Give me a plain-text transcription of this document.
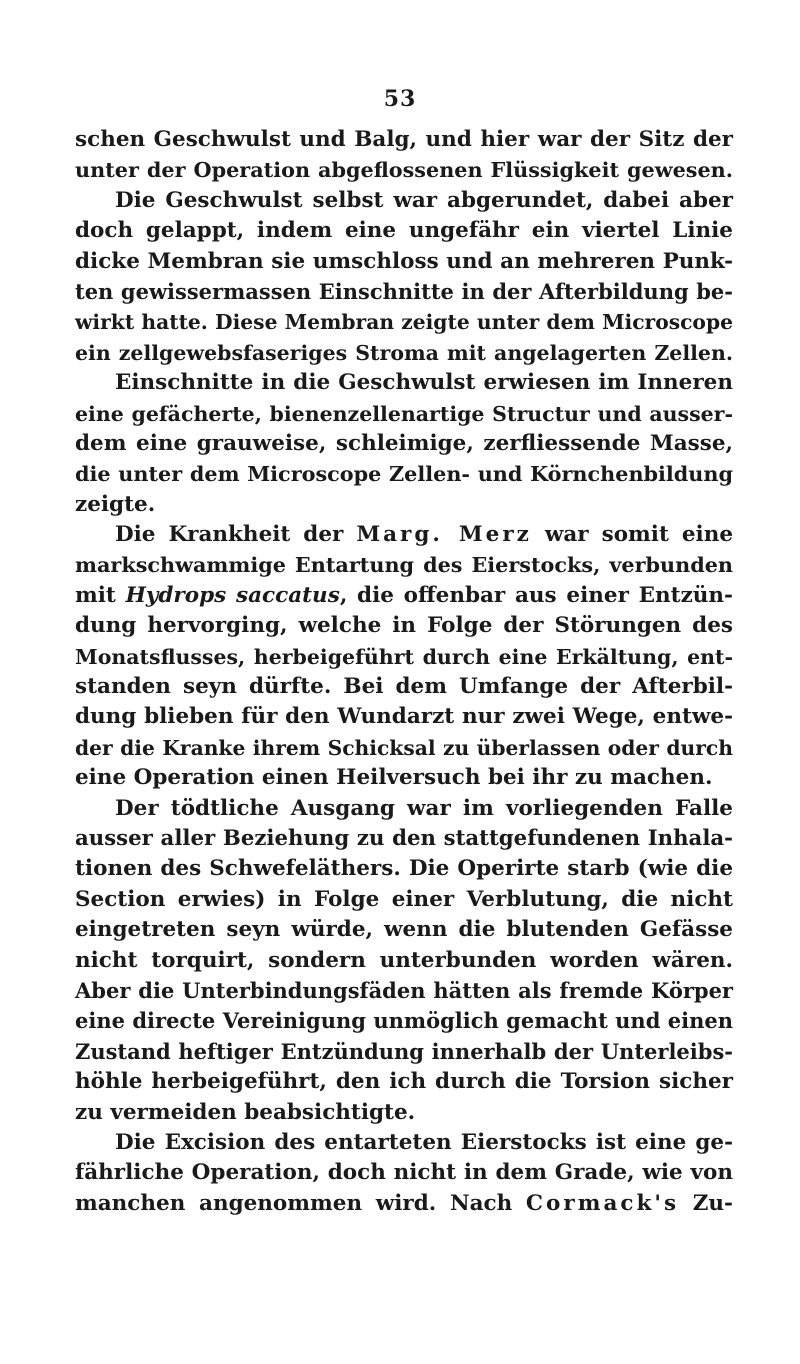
53
schen Geschwulst und Balg, und hier war der Sitz der
unter der Operation abgeflossenen Flüssigkeit gewesen.
Die Geschwulst selbst war abgerundet, dabei aber
doch gelappt, indem eine ungefähr ein viertel Linie
dicke Membran sie umschloss und an mehreren Punk-
ten gewissermassen Einschnitte in der Afterbildung be-
wirkt hatte. Diese Membran zeigte unter dem Microscope
ein zellgewebsfaseriges Stroma mit angelagerten Zellen.
Einschnitte in die Geschwulst erwiesen im Inneren
eine gefächerte, bienenzellenartige Structur und ausser-
dem eine grauweise, schleimige, zerfliessende Masse,
die unter dem Microscope Zellen- und Körnchenbildung
zeigte.
Die Krankheit der Marg. Merz war somit eine
markschwammige Entartung des Eierstocks, verbunden
mit Hydrops saccatus, die offenbar aus einer Entzün-
dung hervorging, welche in Folge der Störungen des
Monatsflusses, herbeigeführt durch eine Erkältung, ent-
standen seyn dürfte. Bei dem Umfange der Afterbil-
dung blieben für den Wundarzt nur zwei Wege, entwe-
der die Kranke ihrem Schicksal zu überlassen oder durch
eine Operation einen Heilversuch bei ihr zu machen.
Der tödtliche Ausgang war im vorliegenden Falle
ausser aller Beziehung zu den stattgefundenen Inhala-
tionen des Schwefeläthers. Die Operirte starb (wie die
Section erwies) in Folge einer Verblutung, die nicht
eingetreten seyn würde, wenn die blutenden Gefässe
nicht torquirt, sondern unterbunden worden wären.
Aber die Unterbindungsfäden hätten als fremde Körper
eine directe Vereinigung unmöglich gemacht und einen
Zustand heftiger Entzündung innerhalb der Unterleibs-
höhle herbeigeführt, den ich durch die Torsion sicher
zu vermeiden beabsichtigte.
Die Excision des entarteten Eierstocks ist eine ge-
fährliche Operation, doch nicht in dem Grade, wie von
manchen angenommen wird. Nach Cormack's Zu-
